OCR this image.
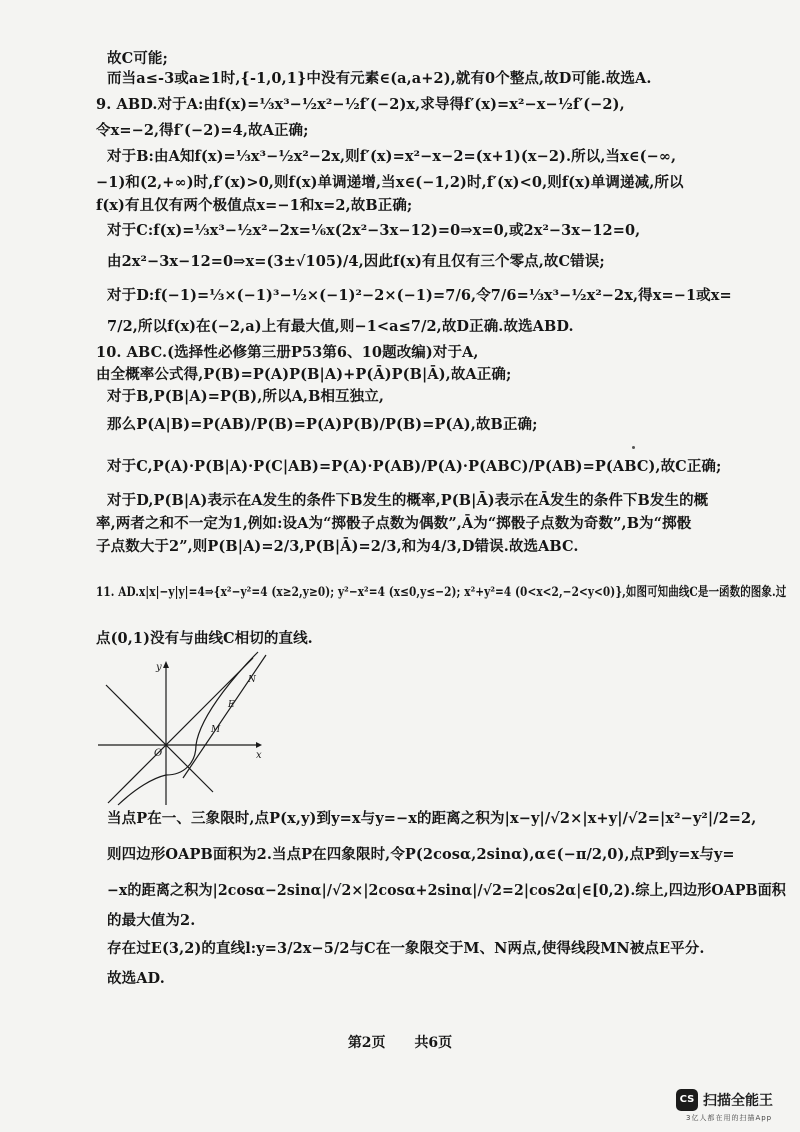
故C可能;
而当a≤-3或a≥1时,{-1,0,1}中没有元素∈(a,a+2),就有0个整点,故D可能.故选A.
9. ABD.对于A:由f(x)=⅓x³−½x²−½f′(−2)x,求导得f′(x)=x²−x−½f′(−2),
令x=−2,得f′(−2)=4,故A正确;
对于B:由A知f(x)=⅓x³−½x²−2x,则f′(x)=x²−x−2=(x+1)(x−2).所以,当x∈(−∞,
−1)和(2,+∞)时,f′(x)>0,则f(x)单调递增,当x∈(−1,2)时,f′(x)<0,则f(x)单调递减,所以
f(x)有且仅有两个极值点x=−1和x=2,故B正确;
对于C:f(x)=⅓x³−½x²−2x=⅙x(2x²−3x−12)=0⇒x=0,或2x²−3x−12=0,
由2x²−3x−12=0⇒x=(3±√105)/4,因此f(x)有且仅有三个零点,故C错误;
对于D:f(−1)=⅓×(−1)³−½×(−1)²−2×(−1)=7/6,令7/6=⅓x³−½x²−2x,得x=−1或x=
7/2,所以f(x)在(−2,a)上有最大值,则−1<a≤7/2,故D正确.故选ABD.
10. ABC.(选择性必修第三册P53第6、10题改编)对于A,
由全概率公式得,P(B)=P(A)P(B|A)+P(Ā)P(B|Ā),故A正确;
对于B,P(B|A)=P(B),所以A,B相互独立,
那么P(A|B)=P(AB)/P(B)=P(A)P(B)/P(B)=P(A),故B正确;
对于C,P(A)·P(B|A)·P(C|AB)=P(A)·P(AB)/P(A)·P(ABC)/P(AB)=P(ABC),故C正确;
对于D,P(B|A)表示在A发生的条件下B发生的概率,P(B|Ā)表示在Ā发生的条件下B发生的概
率,两者之和不一定为1,例如:设A为“掷骰子点数为偶数”,Ā为“掷骰子点数为奇数”,B为“掷骰
子点数大于2”,则P(B|A)=2/3,P(B|Ā)=2/3,和为4/3,D错误.故选ABC.
11. AD.x|x|−y|y|=4⇒{x²−y²=4 (x≥2,y≥0); y²−x²=4 (x≤0,y≤−2); x²+y²=4 (0<x<2,−2<y<0)},如图可知曲线C是一函数的图象.过
点(0,1)没有与曲线C相切的直线.
x
y
O
N
E
M
当点P在一、三象限时,点P(x,y)到y=x与y=−x的距离之积为|x−y|/√2×|x+y|/√2=|x²−y²|/2=2,
则四边形OAPB面积为2.当点P在四象限时,令P(2cosα,2sinα),α∈(−π/2,0),点P到y=x与y=
−x的距离之积为|2cosα−2sinα|/√2×|2cosα+2sinα|/√2=2|cos2α|∈[0,2).综上,四边形OAPB面积
的最大值为2.
存在过E(3,2)的直线l:y=3/2x−5/2与C在一象限交于M、N两点,使得线段MN被点E平分.
故选AD.
第2页 共6页
CS 扫描全能王
3亿人都在用的扫描App
